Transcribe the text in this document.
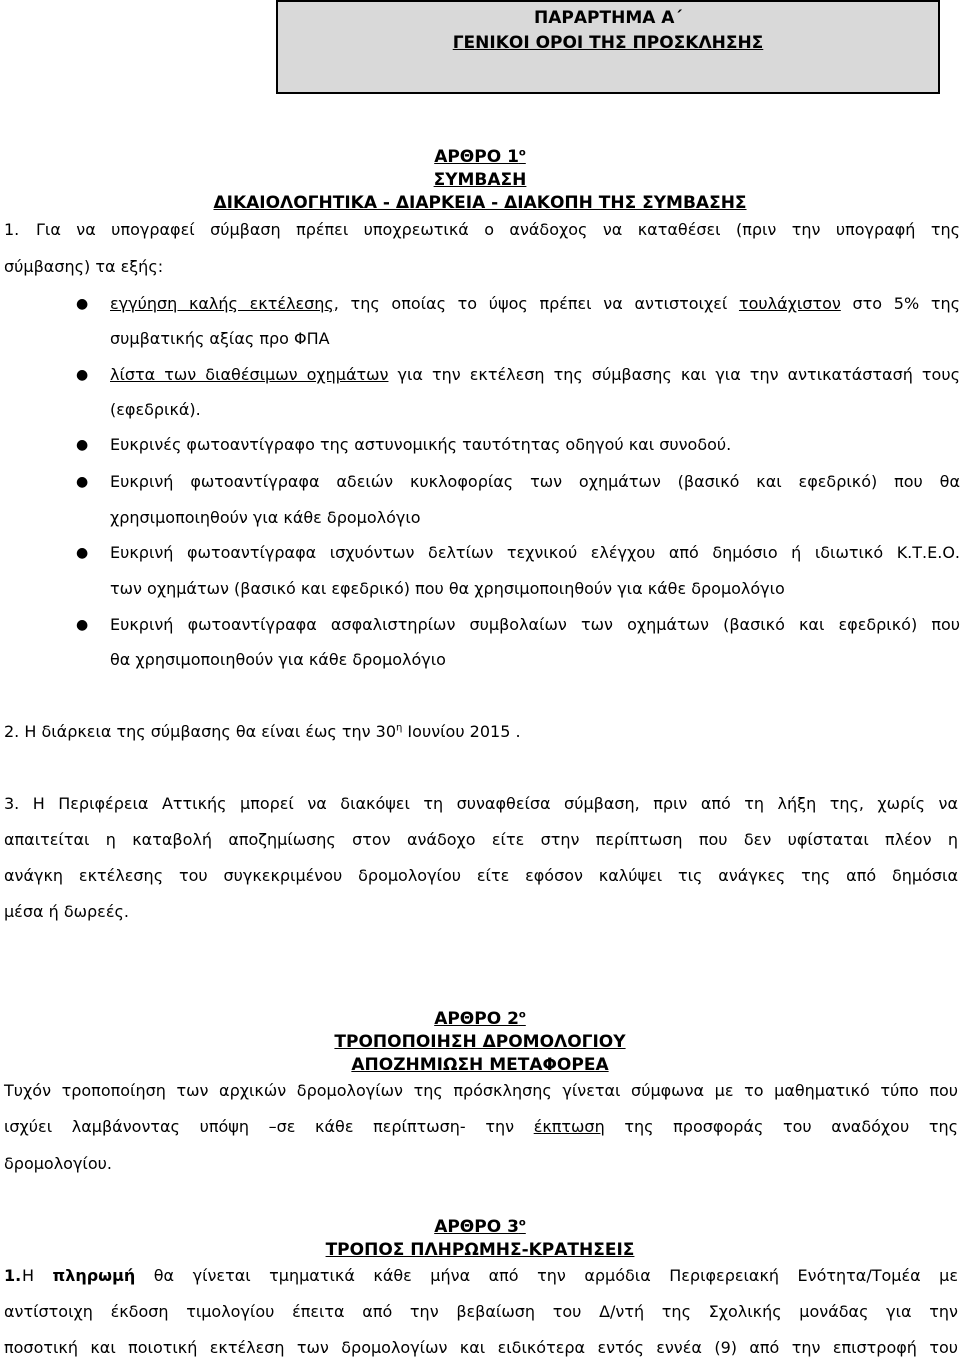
ΠΑΡΑΡΤΗΜΑ Α΄
ΓΕΝΙΚΟΙ ΟΡΟΙ ΤΗΣ ΠΡΟΣΚΛΗΣΗΣ
ΑΡΘΡΟ $1^o$
ΣΥΜΒΑΣΗ
ΔΙΚΑΙΟΛΟΓΗΤΙΚΑ - ΔΙΑΡΚΕΙΑ - ΔΙΑΚΟΠΗ ΤΗΣ ΣΥΜΒΑΣΗΣ
1. Για να υπογραφεί σύμβαση πρέπει υποχρεωτικά ο ανάδοχος να καταθέσει (πριν την υπογραφή της
σύμβασης) τα εξής:
● εγγύηση καλής εκτέλεσης, της οποίας το ύψος πρέπει να αντιστοιχεί τουλάχιστον στο 5% της
συμβατικής αξίας προ ΦΠΑ
● λίστα των διαθέσιμων οχημάτων για την εκτέλεση της σύμβασης και για την αντικατάστασή τους
(εφεδρικά).
● Ευκρινές φωτοαντίγραφο της αστυνομικής ταυτότητας οδηγού και συνοδού.
● Ευκρινή φωτοαντίγραφα αδειών κυκλοφορίας των οχημάτων (βασικό και εφεδρικό) που θα
χρησιμοποιηθούν για κάθε δρομολόγιο
● Ευκρινή φωτοαντίγραφα ισχυόντων δελτίων τεχνικού ελέγχου από δημόσιο ή ιδιωτικό Κ.Τ.Ε.Ο.
των οχημάτων (βασικό και εφεδρικό) που θα χρησιμοποιηθούν για κάθε δρομολόγιο
● Ευκρινή φωτοαντίγραφα ασφαλιστηρίων συμβολαίων των οχημάτων (βασικό και εφεδρικό) που
θα χρησιμοποιηθούν για κάθε δρομολόγιο
2. Η διάρκεια της σύμβασης θα είναι έως την $30^\eta$ Ιουνίου 2015 .
3. Η Περιφέρεια Αττικής μπορεί να διακόψει τη συναφθείσα σύμβαση, πριν από τη λήξη της, χωρίς να
απαιτείται η καταβολή αποζημίωσης στον ανάδοχο είτε στην περίπτωση που δεν υφίσταται πλέον η
ανάγκη εκτέλεσης του συγκεκριμένου δρομολογίου είτε εφόσον καλύψει τις ανάγκες της από δημόσια
μέσα ή δωρεές.
ΑΡΘΡΟ $2^o$
ΤΡΟΠΟΠΟΙΗΣΗ ΔΡΟΜΟΛΟΓΙΟΥ
ΑΠΟΖΗΜΙΩΣΗ ΜΕΤΑΦΟΡΕΑ
Τυχόν τροποποίηση των αρχικών δρομολογίων της πρόσκλησης γίνεται σύμφωνα με το μαθηματικό τύπο που
ισχύει λαμβάνοντας υπόψη –σε κάθε περίπτωση- την έκπτωση της προσφοράς του αναδόχου της
δρομολογίου.
ΑΡΘΡΟ $3^o$
ΤΡΟΠΟΣ ΠΛΗΡΩΜΗΣ-ΚΡΑΤΗΣΕΙΣ
1. Η πληρωμή θα γίνεται τμηματικά κάθε μήνα από την αρμόδια Περιφερειακή Ενότητα/Τομέα με
αντίστοιχη έκδοση τιμολογίου έπειτα από την βεβαίωση του Δ/ντή της Σχολικής μονάδας για την
ποσοτική και ποιοτική εκτέλεση των δρομολογίων και ειδικότερα εντός εννέα (9) από την επιστροφή του
